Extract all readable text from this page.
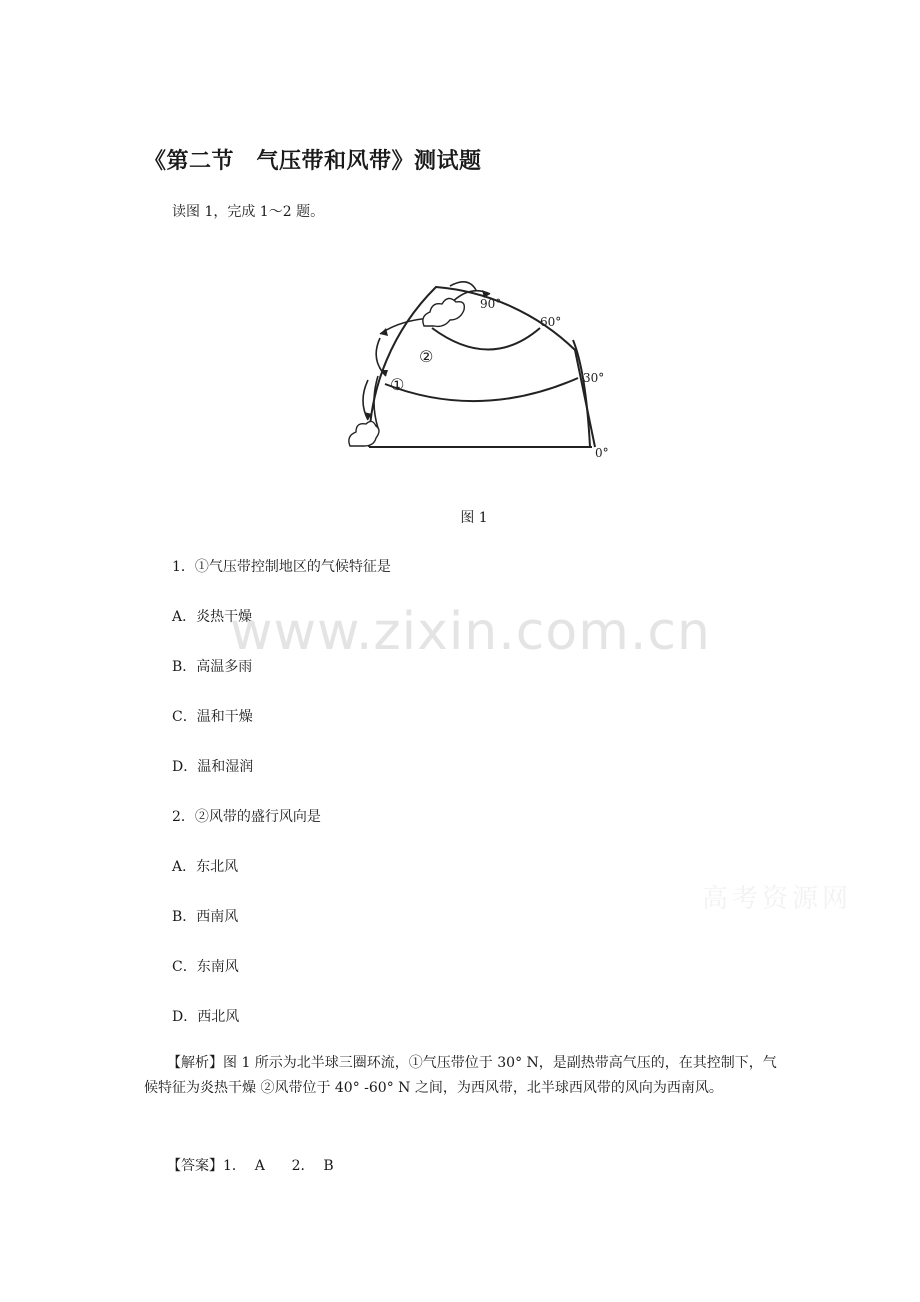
《第二节　气压带和风带》测试题
读图 1，完成 1～2 题。
90°
60°
30°
0°
②
①
图 1
1．①气压带控制地区的气候特征是
A．炎热干燥
B．高温多雨
C．温和干燥
D．温和湿润
2．②风带的盛行风向是
A．东北风
B．西南风
C．东南风
D．西北风
www.zixin.com.cn
高考资源网
【解析】图 1 所示为北半球三圈环流，①气压带位于 30° N，是副热带高气压的，在其控制下，气候特征为炎热干燥 ②风带位于 40° -60° N 之间，为西风带，北半球西风带的风向为西南风。
【答案】1．  A      2．  B
